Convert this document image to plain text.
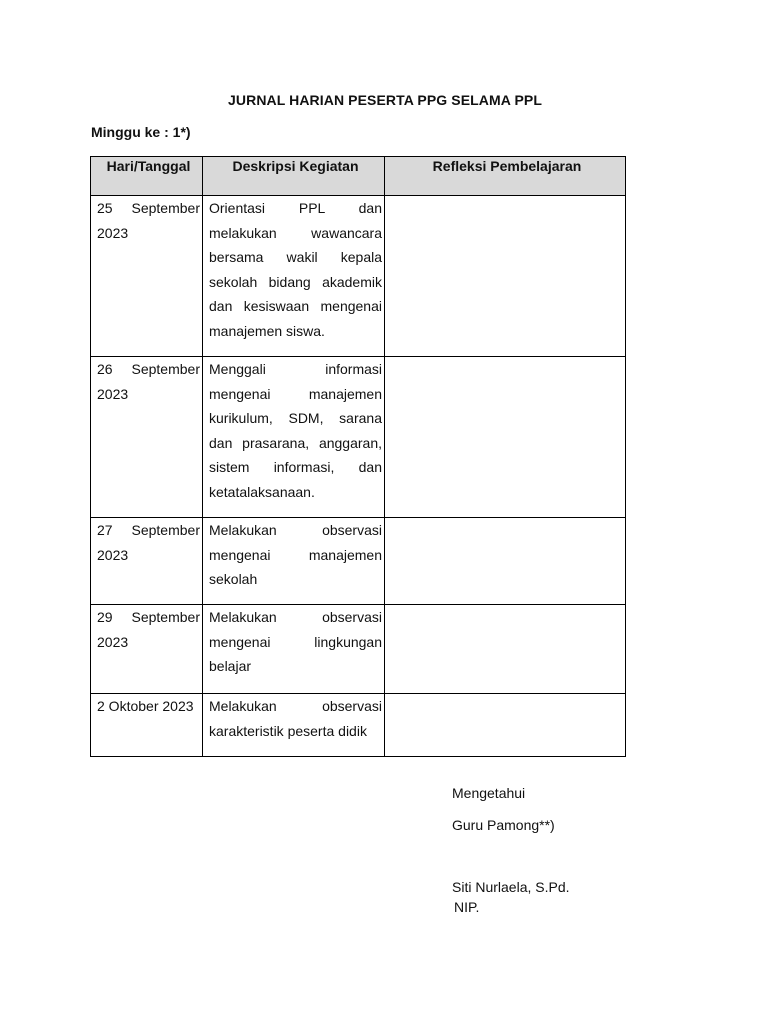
JURNAL HARIAN PESERTA PPG SELAMA PPL
Minggu ke : 1*)
Hari/Tanggal	Deskripsi Kegiatan	Refleksi Pembelajaran
25 September 2023	Orientasi PPL dan melakukan wawancara bersama wakil kepala sekolah bidang akademik dan kesiswaan mengenai manajemen siswa.	
26 September 2023	Menggali informasi mengenai manajemen kurikulum, SDM, sarana dan prasarana, anggaran, sistem informasi, dan ketatalaksanaan.	
27 September 2023	Melakukan observasi mengenai manajemen sekolah	
29 September 2023	Melakukan observasi mengenai lingkungan belajar	
2 Oktober 2023	Melakukan observasi karakteristik peserta didik	
Mengetahui
Guru Pamong**)
Siti Nurlaela, S.Pd.
NIP.
